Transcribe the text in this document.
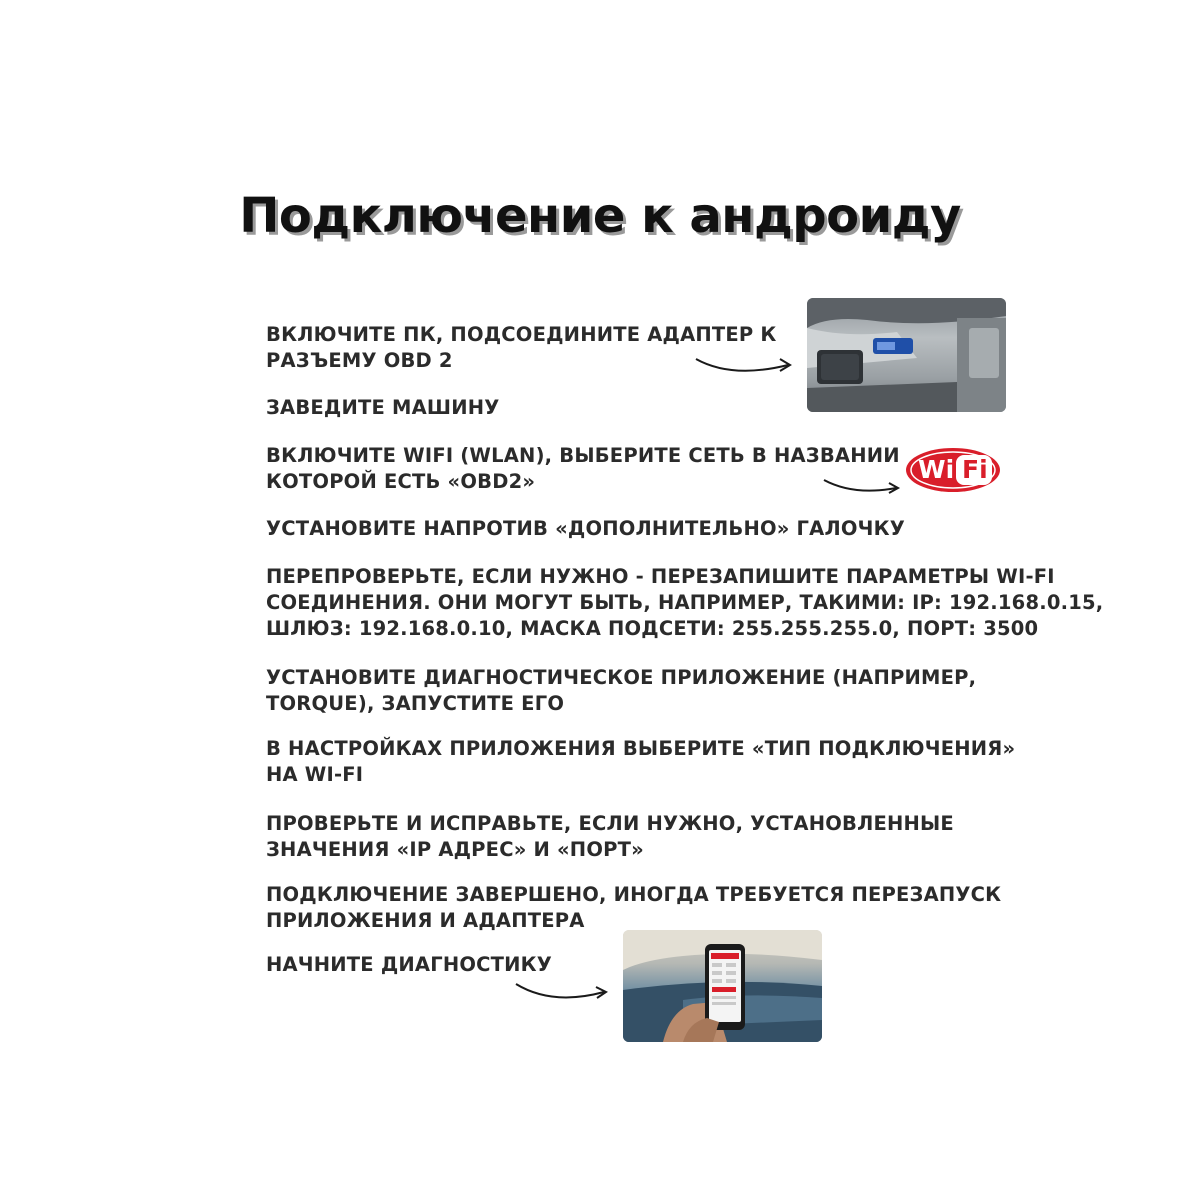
Подключение к андроиду
ВКЛЮЧИТЕ ПК, ПОДСОЕДИНИТЕ АДАПТЕР К
РАЗЪЕМУ OBD 2
ЗАВЕДИТЕ МАШИНУ
ВКЛЮЧИТЕ WIFI (WLAN), ВЫБЕРИТЕ СЕТЬ В НАЗВАНИИ
КОТОРОЙ ЕСТЬ «OBD2»
УСТАНОВИТЕ НАПРОТИВ «ДОПОЛНИТЕЛЬНО» ГАЛОЧКУ
ПЕРЕПРОВЕРЬТЕ, ЕСЛИ НУЖНО - ПЕРЕЗАПИШИТЕ ПАРАМЕТРЫ WI-FI
СОЕДИНЕНИЯ. ОНИ МОГУТ БЫТЬ, НАПРИМЕР, ТАКИМИ: IP: 192.168.0.15,
ШЛЮЗ: 192.168.0.10, МАСКА ПОДСЕТИ: 255.255.255.0, ПОРТ: 3500
УСТАНОВИТЕ ДИАГНОСТИЧЕСКОЕ ПРИЛОЖЕНИЕ (НАПРИМЕР,
TORQUE), ЗАПУСТИТЕ ЕГО
В НАСТРОЙКАХ ПРИЛОЖЕНИЯ ВЫБЕРИТЕ «ТИП ПОДКЛЮЧЕНИЯ»
НА WI-FI
ПРОВЕРЬТЕ И ИСПРАВЬТЕ, ЕСЛИ НУЖНО, УСТАНОВЛЕННЫЕ
ЗНАЧЕНИЯ «IP АДРЕС» И «ПОРТ»
ПОДКЛЮЧЕНИЕ ЗАВЕРШЕНО, ИНОГДА ТРЕБУЕТСЯ ПЕРЕЗАПУСК
ПРИЛОЖЕНИЯ И АДАПТЕРА
НАЧНИТЕ ДИАГНОСТИКУ
Wi Fi
